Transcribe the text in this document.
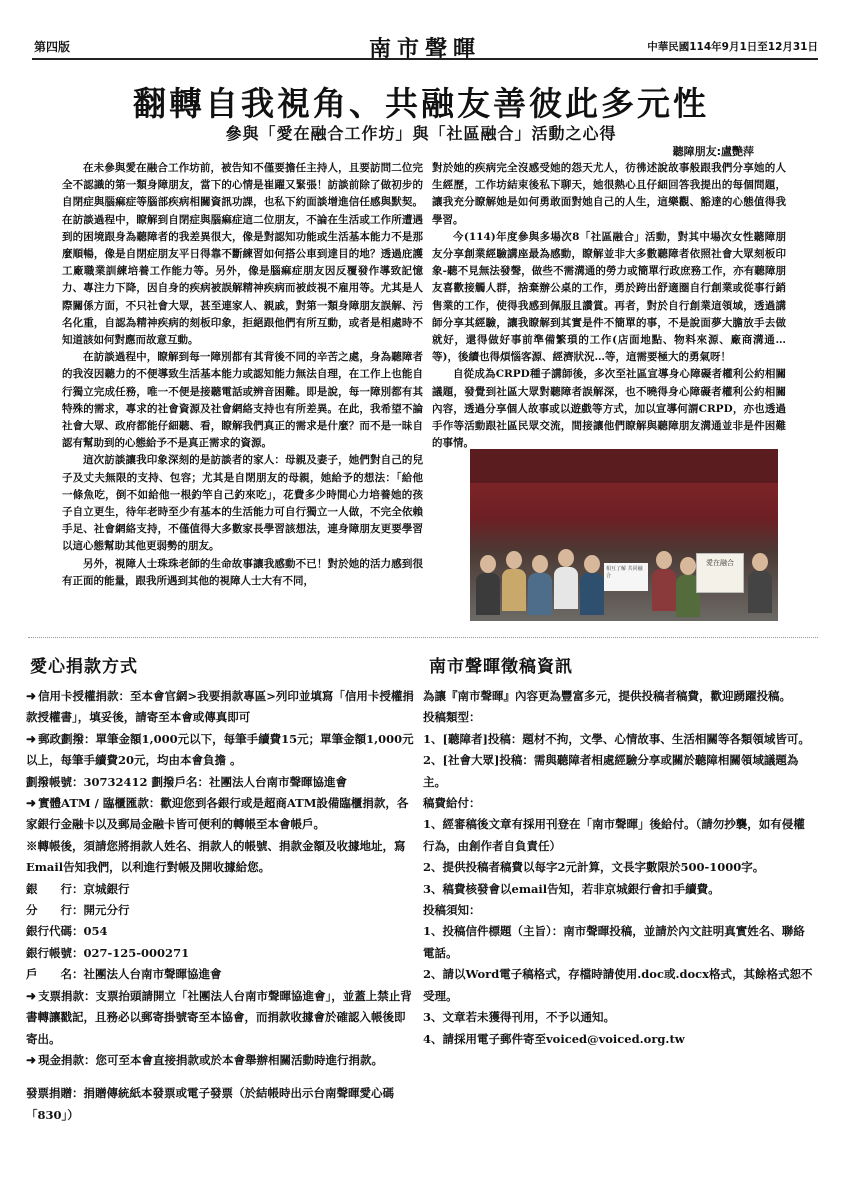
第四版	南市聲暉	中華民國114年9月1日至12月31日
翻轉自我視角、共融友善彼此多元性
參與「愛在融合工作坊」與「社區融合」活動之心得
聽障朋友:盧艷萍

在未參與愛在融合工作坊前，被告知不僅要擔任主持人，且要訪問二位完全不認識的第一類身障朋友，當下的心情是崔躍又緊張！訪談前除了做初步的自閉症與腦痲症等腦部疾病相關資訊功課，也私下約面談增進信任感與默契。在訪談過程中，瞭解到自閉症與腦痲症這二位朋友，不論在生活或工作所遭遇到的困境跟身為聽障者的我差異很大，像是對認知功能或生活基本能力不是那麼順暢，像是自閉症朋友平日得靠不斷練習如何搭公車到達目的地？透過庇護工廠職業訓練培養工作能力等。另外，像是腦痲症朋友因反覆發作導致記憶力、專注力下降，因自身的疾病被誤解精神疾病而被歧視不雇用等。尤其是人際關係方面，不只社會大眾，甚至連家人、親戚，對第一類身障朋友誤解、污名化重，自認為精神疾病的刻板印象，拒絕跟他們有所互動，或者是相處時不知道該如何對應而故意互動。

在訪談過程中，瞭解到每一障別都有其背後不同的辛苦之處，身為聽障者的我沒因聽力的不便導致生活基本能力或認知能力無法自理，在工作上也能自行獨立完成任務，唯一不便是接聽電話或辨音困難。即是說，每一障別都有其特殊的需求，專求的社會資源及社會網絡支持也有所差異。在此，我希望不論社會大眾、政府都能仔細聽、看，瞭解我們真正的需求是什麼？而不是一昧自認有幫助到的心態給予不是真正需求的資源。

這次訪談讓我印象深刻的是訪談者的家人：母親及妻子，她們對自己的兒子及丈夫無限的支持、包容；尤其是自閉朋友的母親，她給予的想法：「給他一條魚吃，倒不如給他一根釣竿自己釣來吃」，花費多少時間心力培養她的孩子自立更生，待年老時至少有基本的生活能力可自行獨立一人做，不完全依賴手足、社會網絡支持，不僅值得大多數家長學習該想法，連身障朋友更要學習以這心態幫助其他更弱勢的朋友。

另外，視障人士珠珠老師的生命故事讓我感動不已！對於她的活力感到很有正面的能量，跟我所遇到其他的視障人士大有不同，

對於她的疾病完全沒感受她的怨天尤人，彷彿述說故事般跟我們分享她的人生經歷，工作坊結束後私下聊天，她很熱心且仔細回答我提出的每個問題，讓我充分瞭解她是如何勇敢面對她自己的人生，這樂觀、豁達的心態值得我學習。

今(114)年度參與多場次8「社區融合」活動，對其中場次女性聽障朋友分享創業經驗講座最為感動，瞭解並非大多數聽障者依照社會大眾刻板印象-聽不見無法發聲，做些不需溝通的勞力或簡單行政庶務工作，亦有聽障朋友喜歡接觸人群，捨棄辦公桌的工作，勇於跨出舒適圈自行創業或從事行銷售業的工作，使得我感到佩服且讚賞。再者，對於自行創業這領域，透過講師分享其經驗，讓我瞭解到其實是件不簡單的事，不是說面夢大膽放手去做就好，還得做好事前準備繁瑣的工作(店面地點、物料來源、廠商溝通…等)，後續也得煩惱客源、經濟狀況…等，這需要極大的勇氣呀！

自從成為CRPD種子講師後，多次至社區宣導身心障礙者權利公約相關議題，發覺到社區大眾對聽障者誤解深，也不曉得身心障礙者權利公約相關內容，透過分享個人故事或以遊戲等方式，加以宣導何謂CRPD，亦也透過手作等活動跟社區民眾交流，間接讓他們瞭解與聽障朋友溝通並非是件困難的事情。

相互了解 共同融合
愛在融合
愛心捐款方式	南市聲暉徵稿資訊
➜ 信用卡授權捐款：至本會官網>我要捐款專區>列印並填寫「信用卡授權捐款授權書」，填妥後，請寄至本會或傳真即可
➜ 郵政劃撥：單筆金額1,000元以下，每筆手續費15元；單筆金額1,000元以上，每筆手續費20元，均由本會負擔 。
劃撥帳號：30732412 劃撥戶名：社團法人台南市聲暉協進會
➜ 實體ATM / 臨櫃匯款：歡迎您到各銀行或是超商ATM設備臨櫃捐款，各家銀行金融卡以及郵局金融卡皆可便利的轉帳至本會帳戶。
※轉帳後，須請您將捐款人姓名、捐款人的帳號、捐款金額及收據地址，寫Email告知我們，以利進行對帳及開收據給您。
銀　　行：京城銀行
分　　行：開元分行
銀行代碼：054
銀行帳號：027-125-000271
戶　　名：社團法人台南市聲暉協進會
➜ 支票捐款：支票抬頭請開立「社團法人台南市聲暉協進會」，並蓋上禁止背書轉讓戳記，且務必以郵寄掛號寄至本協會，而捐款收據會於確認入帳後即寄出。
➜ 現金捐款：您可至本會直接捐款或於本會舉辦相關活動時進行捐款。
發票捐贈：捐贈傳統紙本發票或電子發票（於結帳時出示台南聲暉愛心碼「830」）
為讓『南市聲暉』內容更為豐富多元，提供投稿者稿費，歡迎踴躍投稿。
投稿類型：
1、[聽障者]投稿：題材不拘，文學、心情故事、生活相關等各類領域皆可。
2、[社會大眾]投稿：需與聽障者相處經驗分享或關於聽障相關領域議題為主。
稿費給付：
1、經審稿後文章有採用刊登在「南市聲暉」後給付。（請勿抄襲，如有侵權行為，由創作者自負責任）
2、提供投稿者稿費以每字2元計算，文長字數限於500-1000字。
3、稿費核發會以email告知，若非京城銀行會扣手續費。
投稿須知：
1、投稿信件標題（主旨）：南市聲暉投稿，並請於內文註明真實姓名、聯絡電話。
2、請以Word電子稿格式，存檔時請使用.doc或.docx格式，其餘格式恕不受理。
3、文章若未獲得刊用，不予以通知。
4、請採用電子郵件寄至voiced@voiced.org.tw
